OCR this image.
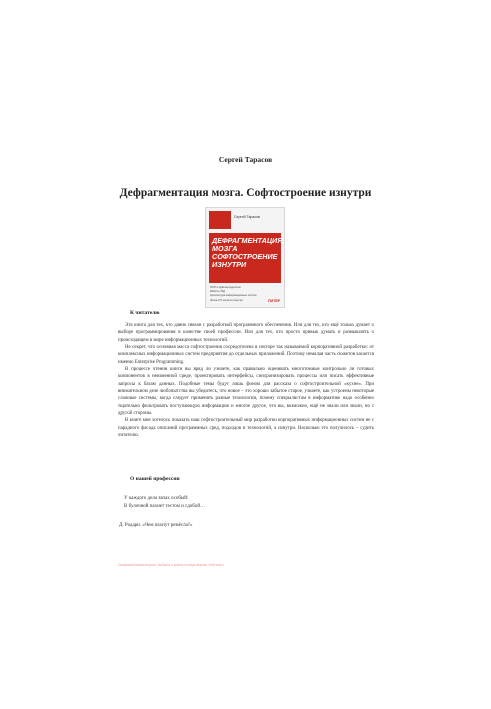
Сергей Тарасов
Дефрагментация мозга. Софтостроение изнутри
Сергей Тарасов
ДЕФРАГМЕНТАЦИЯ
МОЗГА
СОФТОСТРОЕНИЕ
ИЗНУТРИ
ООП и Agile-методологии
Работа с БД
Архитектура информационных систем
Жизнь ИТ-отрасли изнутри	ПИТЕР
К читателю

Эта книга для тех, кто давно связан с разработкой программного обеспечения. Или для тех, кто ещё только думает о выборе программирования в качестве своей профессии. Или для тех, кто просто привык думать и размышлять о происходящем в мире информационных технологий.

Не секрет, что основная масса софтостроения сосредоточена в секторе так называемой корпоративной разработки: от комплексных информационных систем предприятия до отдельных приложений. Поэтому немалая часть сюжетов касается именно Enterprise Programming.

В процессе чтения книги вы вряд ли узнаете, как правильно оценивать многотомные контрольно ли готовых компонентов в неизменной среде, проектировать интерфейсы, синхронизировать процессы или писать эффективные запросы к базам данных. Подобные темы будут лишь фоном для рассказа о софтостроительной «кухне». При внимательном деле любопытства вы убедитесь, что новое – это хорошо забытое старое, узнаете, как устроены некоторые сложные системы, когда следует применять разные технологии, почему специалистам в информатике надо особенно тщательно фильтровать поступающую информацию и многое другое, что вы, возможно, ещё не знали или знали, но с другой стороны.

В книге мне хотелось показать наш софтостроительный мир разработки корпоративных информационных систем не с парадного фасада описаний программных сред, подходов и технологий, а изнутри. Насколько это получилось – судить читателю.

О нашей профессии
У каждого дела запах особый:
В булочной пахнет тестом и сдобой…
Д. Родари. «Чем пахнут ремёсла?»
Ознакомительная версия. Выбрать и купить полную версию этой книги
